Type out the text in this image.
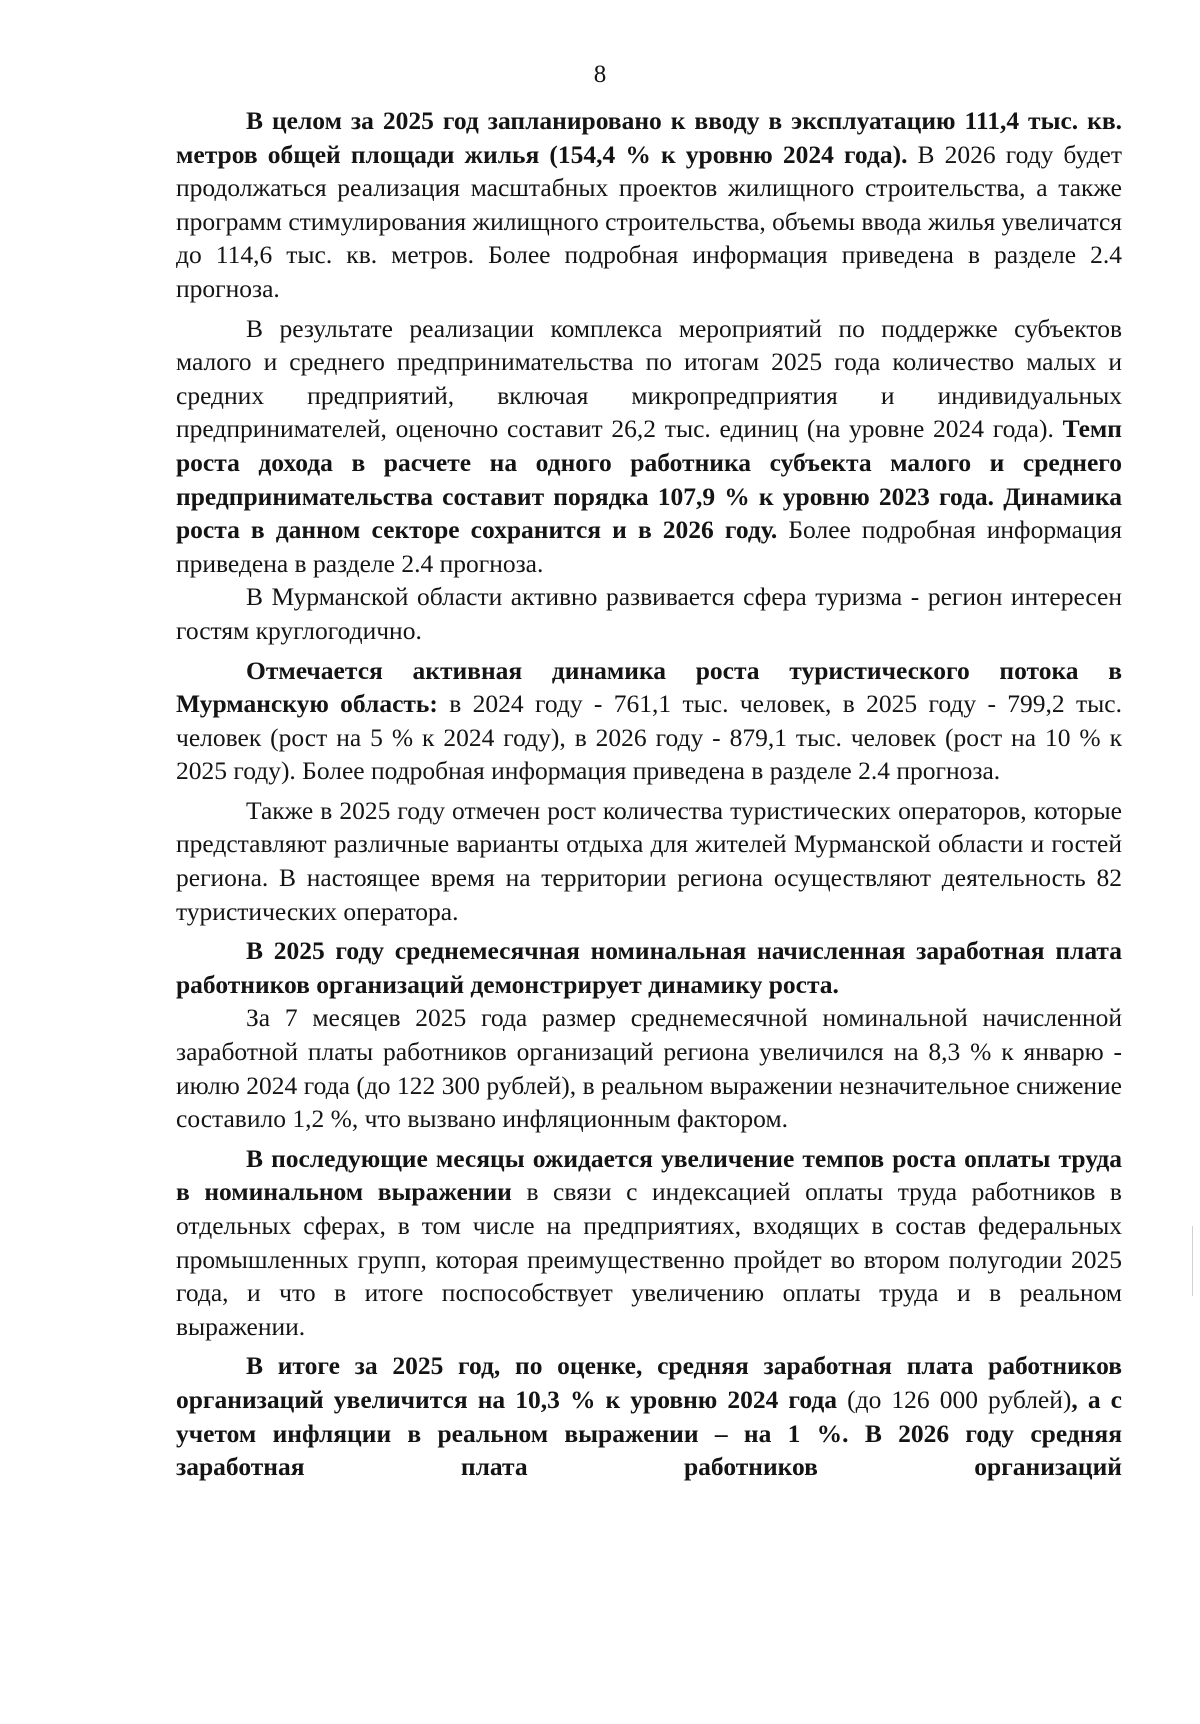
8

В целом за 2025 год запланировано к вводу в эксплуатацию 111,4 тыс. кв. метров общей площади жилья (154,4 % к уровню 2024 года). В 2026 году будет продолжаться реализация масштабных проектов жилищного строительства, а также программ стимулирования жилищного строительства, объемы ввода жилья увеличатся до 114,6 тыс. кв. метров. Более подробная информация приведена в разделе 2.4 прогноза.

В результате реализации комплекса мероприятий по поддержке субъектов малого и среднего предпринимательства по итогам 2025 года количество малых и средних предприятий, включая микропредприятия и индивидуальных предпринимателей, оценочно составит 26,2 тыс. единиц (на уровне 2024 года). Темп роста дохода в расчете на одного работника субъекта малого и среднего предпринимательства составит порядка 107,9 % к уровню 2023 года. Динамика роста в данном секторе сохранится и в 2026 году. Более подробная информация приведена в разделе 2.4 прогноза.

В Мурманской области активно развивается сфера туризма - регион интересен гостям круглогодично.

Отмечается активная динамика роста туристического потока в Мурманскую область: в 2024 году - 761,1 тыс. человек, в 2025 году - 799,2 тыс. человек (рост на 5 % к 2024 году), в 2026 году - 879,1 тыс. человек (рост на 10 % к 2025 году). Более подробная информация приведена в разделе 2.4 прогноза.

Также в 2025 году отмечен рост количества туристических операторов, которые представляют различные варианты отдыха для жителей Мурманской области и гостей региона. В настоящее время на территории региона осуществляют деятельность 82 туристических оператора.

В 2025 году среднемесячная номинальная начисленная заработная плата работников организаций демонстрирует динамику роста.

За 7 месяцев 2025 года размер среднемесячной номинальной начисленной заработной платы работников организаций региона увеличился на 8,3 % к январю - июлю 2024 года (до 122 300 рублей), в реальном выражении незначительное снижение составило 1,2 %, что вызвано инфляционным фактором.

В последующие месяцы ожидается увеличение темпов роста оплаты труда в номинальном выражении в связи с индексацией оплаты труда работников в отдельных сферах, в том числе на предприятиях, входящих в состав федеральных промышленных групп, которая преимущественно пройдет во втором полугодии 2025 года, и что в итоге поспособствует увеличению оплаты труда и в реальном выражении.

В итоге за 2025 год, по оценке, средняя заработная плата работников организаций увеличится на 10,3 % к уровню 2024 года (до 126 000 рублей), а с учетом инфляции в реальном выражении – на 1 %. В 2026 году средняя заработная плата работников организаций
